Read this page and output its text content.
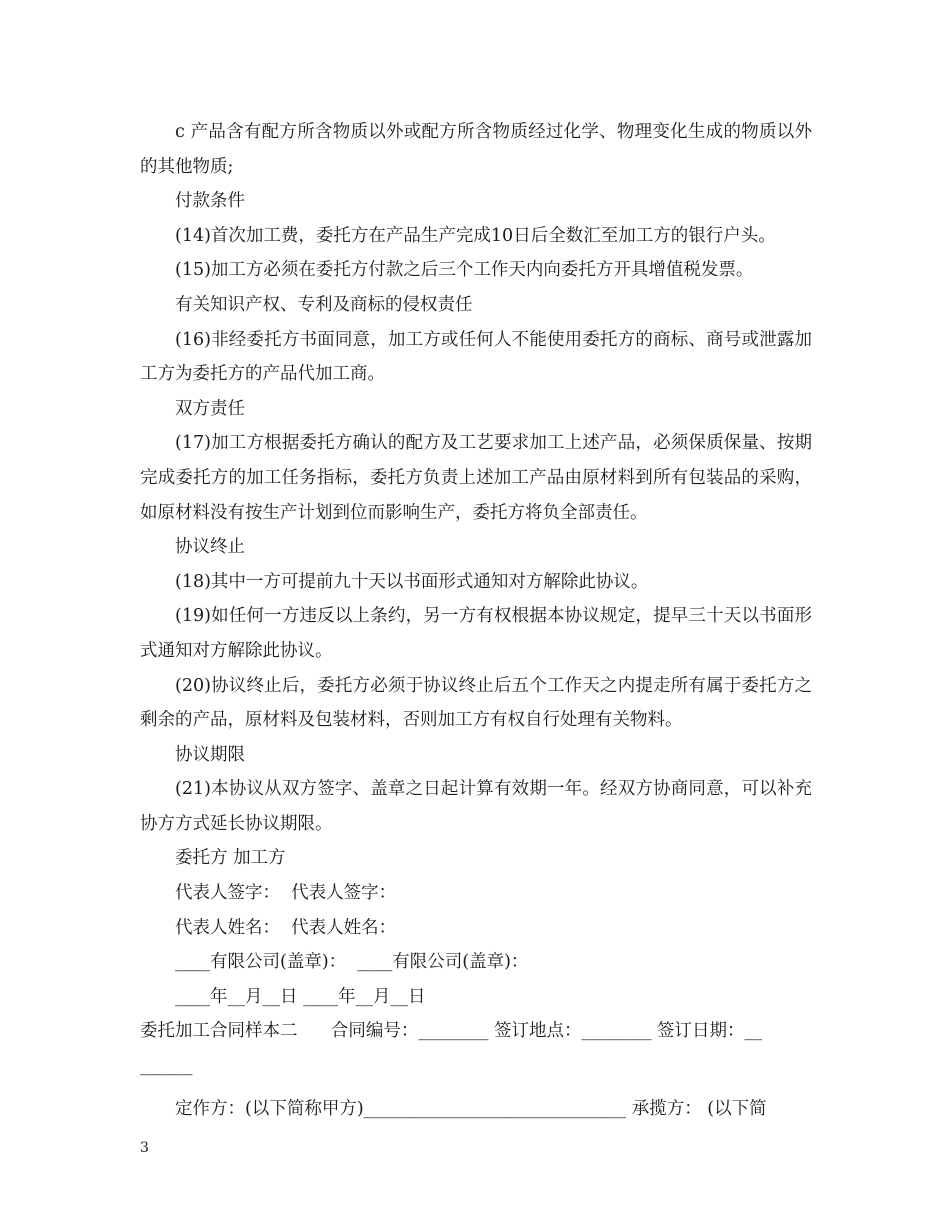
c 产品含有配方所含物质以外或配方所含物质经过化学、物理变化生成的物质以外的其他物质;

付款条件

(14)首次加工费，委托方在产品生产完成10日后全数汇至加工方的银行户头。

(15)加工方必须在委托方付款之后三个工作天内向委托方开具增值税发票。

有关知识产权、专利及商标的侵权责任

(16)非经委托方书面同意，加工方或任何人不能使用委托方的商标、商号或泄露加工方为委托方的产品代加工商。

双方责任

(17)加工方根据委托方确认的配方及工艺要求加工上述产品，必须保质保量、按期完成委托方的加工任务指标，委托方负责上述加工产品由原材料到所有包装品的采购，如原材料没有按生产计划到位而影响生产，委托方将负全部责任。

协议终止

(18)其中一方可提前九十天以书面形式通知对方解除此协议。

(19)如任何一方违反以上条约，另一方有权根据本协议规定，提早三十天以书面形式通知对方解除此协议。

(20)协议终止后，委托方必须于协议终止后五个工作天之内提走所有属于委托方之剩余的产品，原材料及包装材料，否则加工方有权自行处理有关物料。

协议期限

(21)本协议从双方签字、盖章之日起计算有效期一年。经双方协商同意，可以补充协方方式延长协议期限。

委托方 加工方

代表人签字：  代表人签字：

代表人姓名：  代表人姓名：

____有限公司(盖章)：  ____有限公司(盖章)：

____年__月__日 ____年__月__日

委托加工合同样本二      合同编号：________ 签订地点：________ 签订日期：__

______

定作方：(以下简称甲方)______________________________ 承揽方： (以下简

3
